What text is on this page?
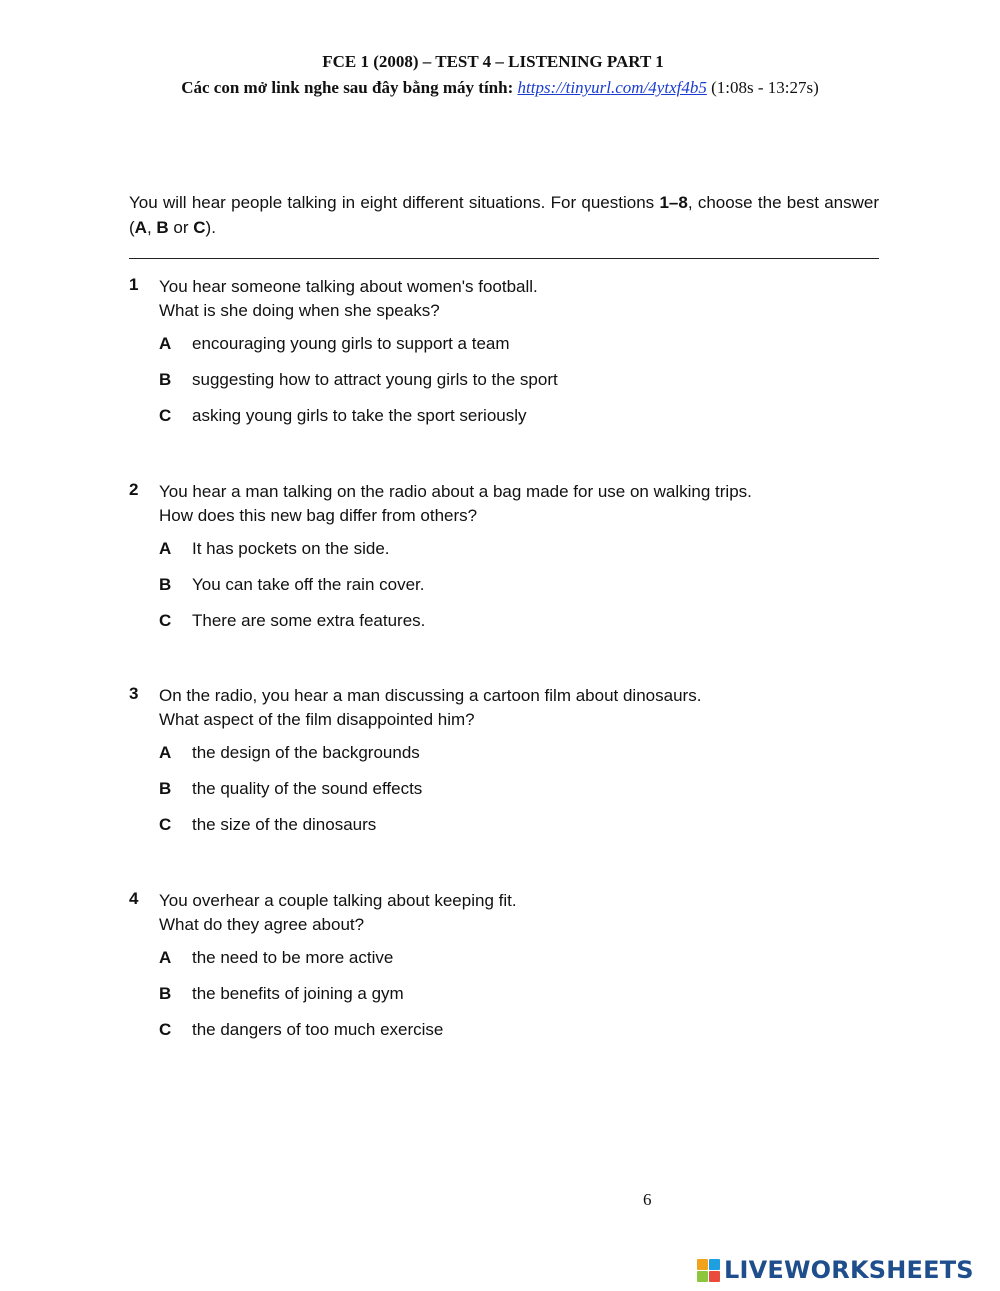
FCE 1 (2008) – TEST 4 – LISTENING PART 1
Các con mở link nghe sau đây bằng máy tính: https://tinyurl.com/4ytxf4b5 (1:08s - 13:27s)
You will hear people talking in eight different situations. For questions 1–8, choose the best answer (A, B or C).
1	You hear someone talking about women's football.
What is she doing when she speaks?
A	encouraging young girls to support a team
B	suggesting how to attract young girls to the sport
C	asking young girls to take the sport seriously
2	You hear a man talking on the radio about a bag made for use on walking trips.
How does this new bag differ from others?
A	It has pockets on the side.
B	You can take off the rain cover.
C	There are some extra features.
3	On the radio, you hear a man discussing a cartoon film about dinosaurs.
What aspect of the film disappointed him?
A	the design of the backgrounds
B	the quality of the sound effects
C	the size of the dinosaurs
4	You overhear a couple talking about keeping fit.
What do they agree about?
A	the need to be more active
B	the benefits of joining a gym
C	the dangers of too much exercise
6
LIVEWORKSHEETS
